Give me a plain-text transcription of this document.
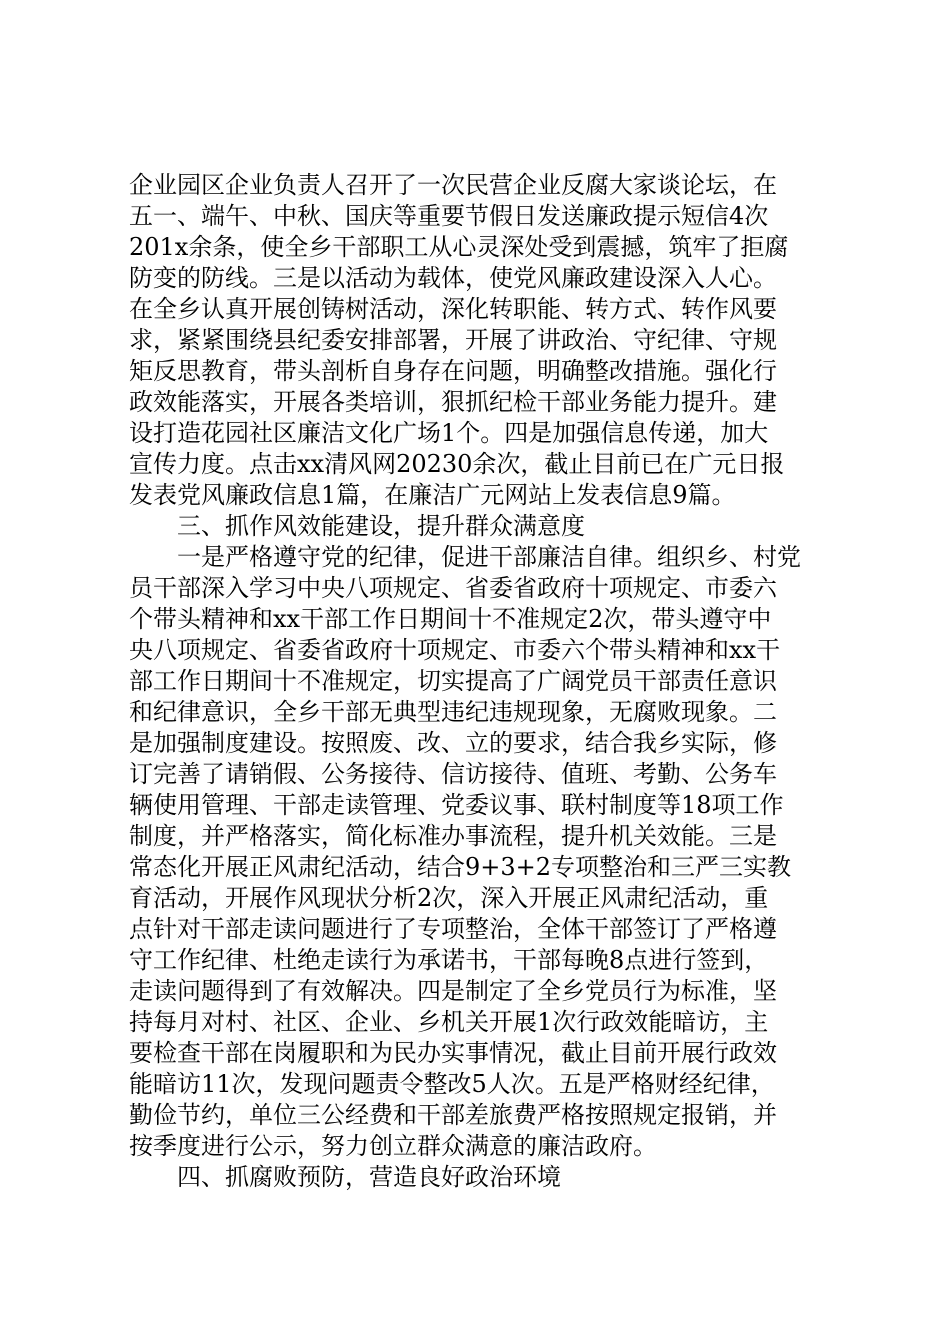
企业园区企业负责人召开了一次民营企业反腐大家谈论坛，在
五一、端午、中秋、国庆等重要节假日发送廉政提示短信4次
201x余条，使全乡干部职工从心灵深处受到震撼，筑牢了拒腐
防变的防线。三是以活动为载体，使党风廉政建设深入人心。
在全乡认真开展创铸树活动，深化转职能、转方式、转作风要
求，紧紧围绕县纪委安排部署，开展了讲政治、守纪律、守规
矩反思教育，带头剖析自身存在问题，明确整改措施。强化行
政效能落实，开展各类培训，狠抓纪检干部业务能力提升。建
设打造花园社区廉洁文化广场1个。四是加强信息传递，加大
宣传力度。点击xx清风网20230余次，截止目前已在广元日报
发表党风廉政信息1篇，在廉洁广元网站上发表信息9篇。
三、抓作风效能建设，提升群众满意度
一是严格遵守党的纪律，促进干部廉洁自律。组织乡、村党
员干部深入学习中央八项规定、省委省政府十项规定、市委六
个带头精神和xx干部工作日期间十不准规定2次，带头遵守中
央八项规定、省委省政府十项规定、市委六个带头精神和xx干
部工作日期间十不准规定，切实提高了广阔党员干部责任意识
和纪律意识，全乡干部无典型违纪违规现象，无腐败现象。二
是加强制度建设。按照废、改、立的要求，结合我乡实际，修
订完善了请销假、公务接待、信访接待、值班、考勤、公务车
辆使用管理、干部走读管理、党委议事、联村制度等18项工作
制度，并严格落实，简化标准办事流程，提升机关效能。三是
常态化开展正风肃纪活动，结合9+3+2专项整治和三严三实教
育活动，开展作风现状分析2次，深入开展正风肃纪活动，重
点针对干部走读问题进行了专项整治，全体干部签订了严格遵
守工作纪律、杜绝走读行为承诺书，干部每晚8点进行签到，
走读问题得到了有效解决。四是制定了全乡党员行为标准，坚
持每月对村、社区、企业、乡机关开展1次行政效能暗访，主
要检查干部在岗履职和为民办实事情况，截止目前开展行政效
能暗访11次，发现问题责令整改5人次。五是严格财经纪律，
勤俭节约，单位三公经费和干部差旅费严格按照规定报销，并
按季度进行公示，努力创立群众满意的廉洁政府。
四、抓腐败预防，营造良好政治环境
